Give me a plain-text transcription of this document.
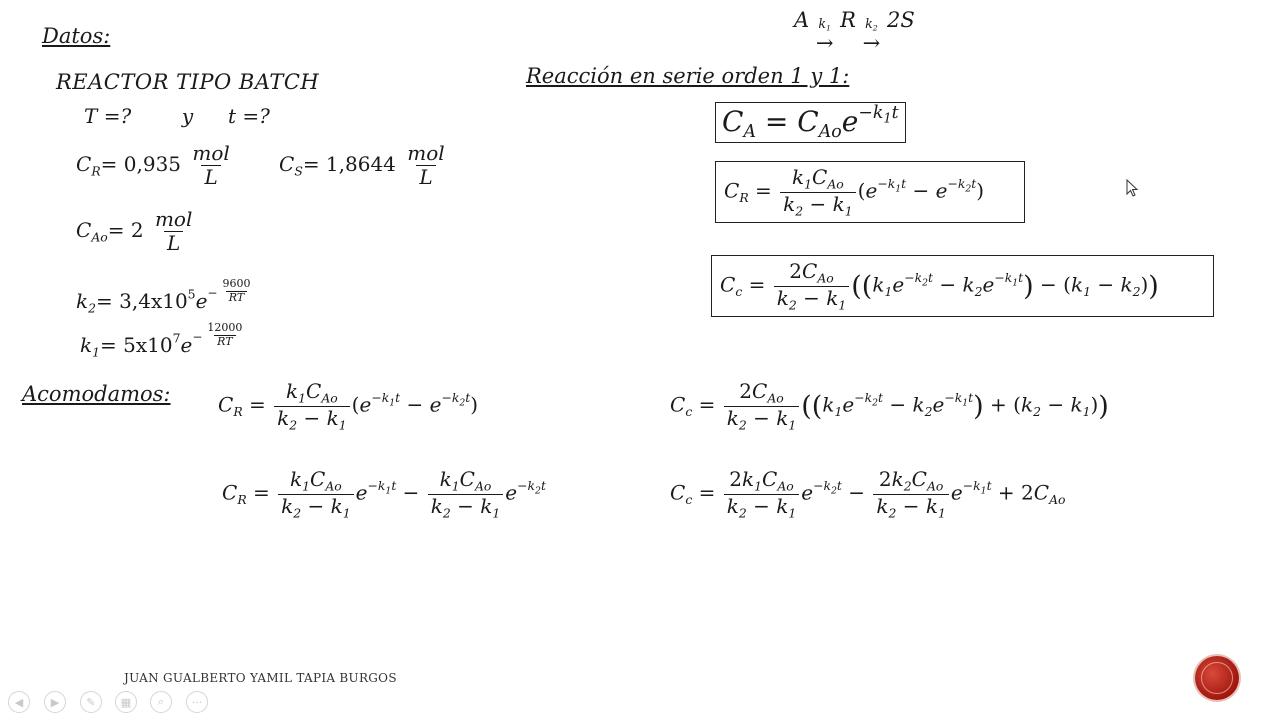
Datos:
REACTOR TIPO BATCH
T =?	y t =?
$C_R= 0,935 \frac{\text{mol}}{L} C_S= 1,8644 \frac{\text{mol}}{L}$
$C_{Ao}= 2 \frac{\text{mol}}{L}$
$k_2= 3,4x10^5e- \frac{9600}{RT}$
$k_1= 5x10^7e- \frac{12000}{RT}$
A $k_1$
→
R $k_2$
→
2S
Reacción en serie orden 1 y 1:
$C_A = C_{Ao}e^{-k_1t}$
$C_R = \frac{k_1C_{Ao}}{k_2 - k_1} (e^{-k_1t} - e^{-k_2t})$
$C_c = \frac{2C_{Ao}}{k_2 - k_1} ((k_1e^{-k_2t} - k_2e^{-k_1t}) - (k_1 - k_2))$
Acomodamos: $C_R = \frac{k_1C_{Ao}}{k_2 - k_1} (e^{-k_1t} - e^{-k_2t})$
$C_R = \frac{k_1C_{Ao}}{k_2 - k_1} e^{-k_1t} - \frac{k_1C_{Ao}}{k_2 - k_1} e^{-k_2t}$
$C_c = \frac{2C_{Ao}}{k_2 - k_1} ((k_1e^{-k_2t} - k_2e^{-k_1t}) + (k_2 - k_1))$
$C_c = \frac{2k_1C_{Ao}}{k_2 - k_1} e^{-k_2t} - \frac{2k_2C_{Ao}}{k_2 - k_1} e^{-k_1t} + 2C_{Ao}$
JUAN GUALBERTO YAMIL TAPIA BURGOS
◀	▶	✎	▦	⌕	···
